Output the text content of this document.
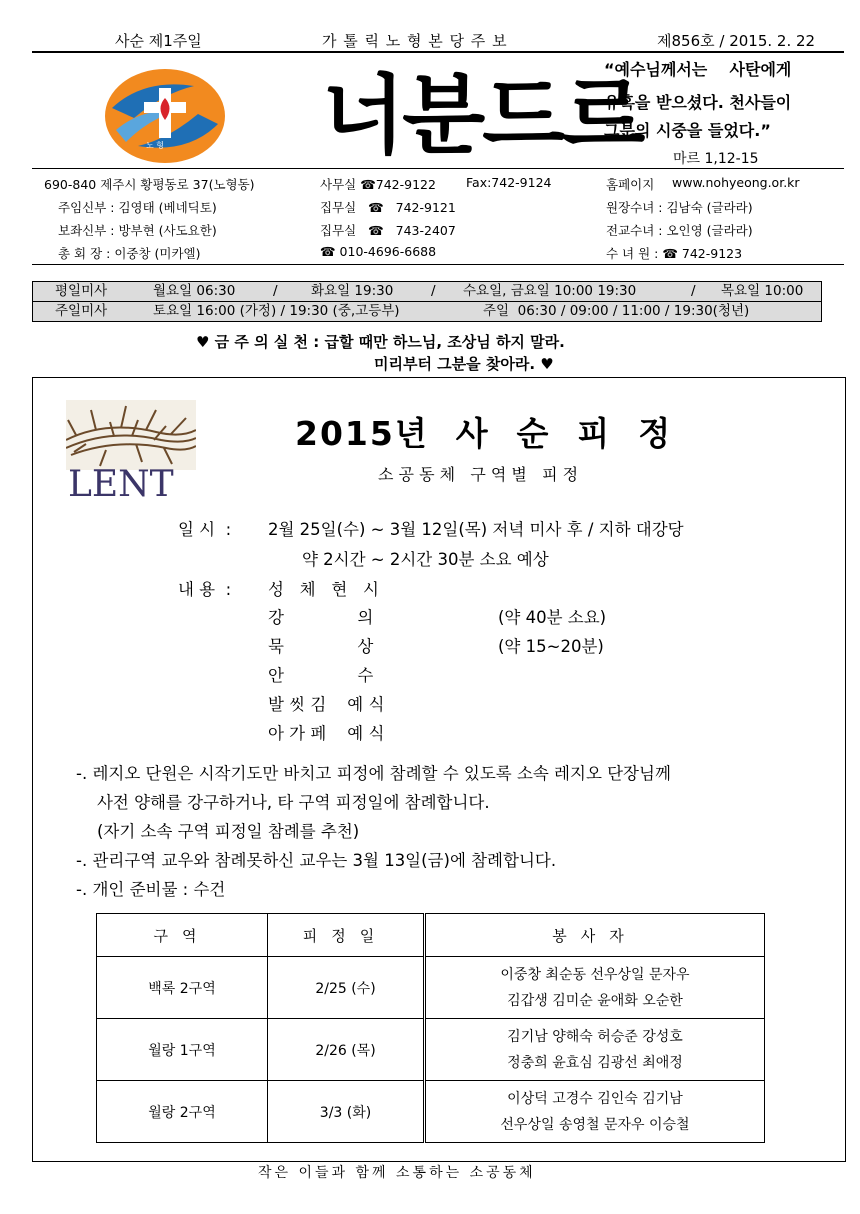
사순 제1주일	가 톨 릭 노 형 본 당 주 보	제856호 / 2015. 2. 22
노 형 너분드르
“예수님께서는    사탄에게
유혹을 받으셨다. 천사들이
그분의 시중을 들었다.”
마르 1,12-15
690-840 제주시 황평동로 37(노형동)	사무실 ☎742-9122 Fax:742-9124	홈페이지 www.nohyeong.or.kr
주임신부 : 김영태 (베네딕토)	집무실   ☎   742-9121	원장수녀 : 김남숙 (글라라)
보좌신부 : 방부현 (사도요한)	집무실   ☎   743-2407	전교수녀 : 오인영 (글라라)
총 회 장 : 이중창 (미카엘)	☎ 010-4696-6688	수 녀 원 : ☎ 742-9123
평일미사	월요일 06:30	/ 화요일 19:30	/ 수요일, 금요일 10:00 19:30	/ 목요일 10:00
주일미사	토요일 16:00 (가정) / 19:30 (중,고등부)	주일  06:30 / 09:00 / 11:00 / 19:30(청년)
♥ 금 주 의 실 천 : 급할 때만 하느님, 조상님 하지 말라.
미리부터 그분을 찾아라. ♥
LENT
2015년  사  순  피  정
소 공 동 체   구 역 별   피 정
일 시  : 2월 25일(수) ~ 3월 12일(목) 저녁 미사 후 / 지하 대강당
약 2시간 ~ 2시간 30분 소요 예상
내 용  : 성   체   현   시
강              의	(약 40분 소요)
묵              상	(약 15~20분)
안              수
발 씻 김    예 식
아 가 페    예 식
-. 레지오 단원은 시작기도만 바치고 피정에 참례할 수 있도록 소속 레지오 단장님께
사전 양해를 강구하거나, 타 구역 피정일에 참례합니다.
(자기 소속 구역 피정일 참례를 추천)
-. 관리구역 교우와 참례못하신 교우는 3월 13일(금)에 참례합니다.
-. 개인 준비물 : 수건
구역	피정일	봉사자
백록 2구역	2/25 (수)	이중창 최순동 선우상일 문자우
김갑생 김미순 윤애화 오순한

월랑 1구역	2/26 (목)	김기남 양해숙 허승준 강성호
정충희 윤효심 김광선 최애정

월랑 2구역	3/3 (화)	이상덕 고경수 김인숙 김기남
선우상일 송영철 문자우 이승철
작은 이들과 함께 소통하는 소공동체
